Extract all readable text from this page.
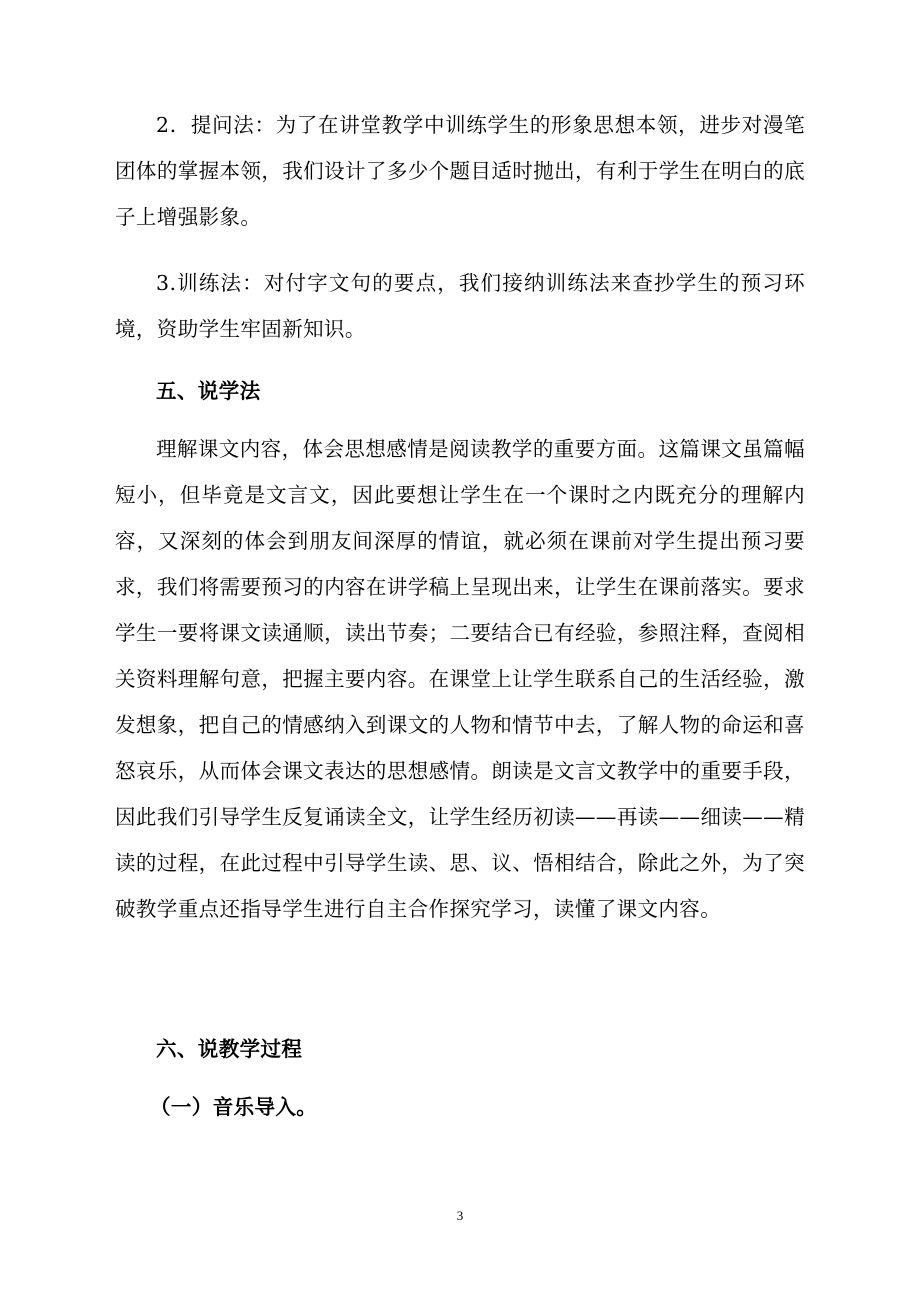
2．提问法：为了在讲堂教学中训练学生的形象思想本领，进步对漫笔团体的掌握本领，我们设计了多少个题目适时抛出，有利于学生在明白的底子上增强影象。

3.训练法：对付字文句的要点，我们接纳训练法来查抄学生的预习环境，资助学生牢固新知识。

五、说学法

理解课文内容，体会思想感情是阅读教学的重要方面。这篇课文虽篇幅短小，但毕竟是文言文，因此要想让学生在一个课时之内既充分的理解内容，又深刻的体会到朋友间深厚的情谊，就必须在课前对学生提出预习要求，我们将需要预习的内容在讲学稿上呈现出来，让学生在课前落实。要求学生一要将课文读通顺，读出节奏；二要结合已有经验，参照注释，查阅相关资料理解句意，把握主要内容。在课堂上让学生联系自己的生活经验，激发想象，把自己的情感纳入到课文的人物和情节中去，了解人物的命运和喜怒哀乐，从而体会课文表达的思想感情。朗读是文言文教学中的重要手段，因此我们引导学生反复诵读全文，让学生经历初读——再读——细读——精读的过程，在此过程中引导学生读、思、议、悟相结合，除此之外，为了突破教学重点还指导学生进行自主合作探究学习，读懂了课文内容。

六、说教学过程

（一）音乐导入。

3
